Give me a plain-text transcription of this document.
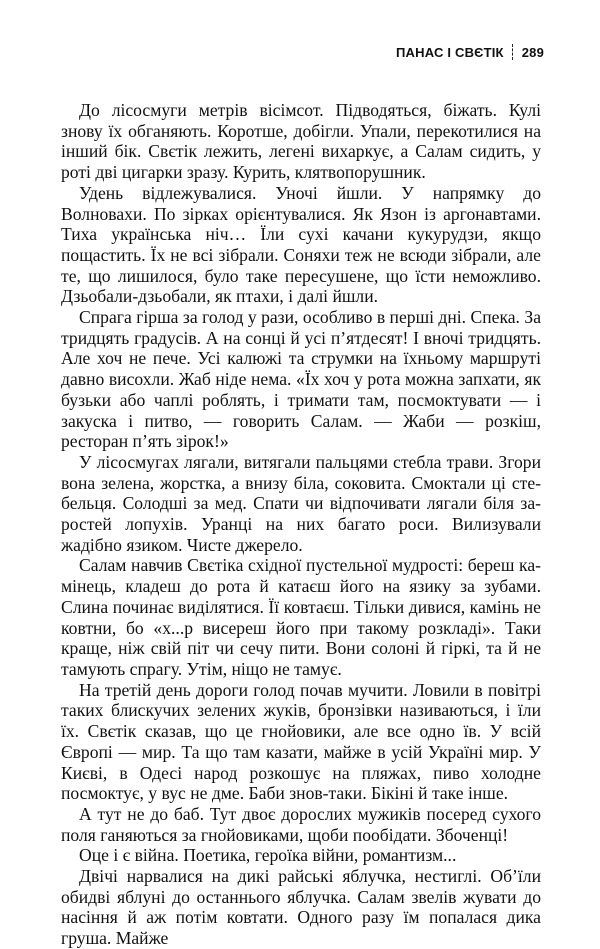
ПАНАС І СВЄТІК 289

До лісосмуги метрів вісімсот. Підводяться, біжать. Кулі знову їх обганяють. Коротше, добігли. Упали, перекотилися на інший бік. Свєтік лежить, легені вихаркує, а Салам сидить, у роті дві цигарки зразу. Курить, клятвопорушник.

Удень відлежувалися. Уночі йшли. У напрямку до Волновахи. По зірках орієнтувалися. Як Язон із аргонавтами. Тиха українська ніч… Їли сухі качани кукурудзи, якщо пощастить. Їх не всі зібрали. Соняхи теж не всюди зібрали, але те, що лишилося, було таке пересушене, що їсти неможливо. Дзьобали-дзьобали, як птахи, і далі йшли.

Спрага гірша за голод у рази, особливо в перші дні. Спека. За тридцять градусів. А на сонці й усі п’ятдесят! І вночі тридцять. Але хоч не пече. Усі калюжі та струмки на їхньому маршруті давно висохли. Жаб ніде нема. «Їх хоч у рота можна запхати, як бузьки або чаплі роблять, і тримати там, посмоктувати — і закуска і питво, — говорить Салам. — Жаби — розкіш, ресторан п’ять зірок!»

У лісосмугах лягали, витягали пальцями стебла трави. Згори вона зелена, жорстка, а внизу біла, соковита. Смоктали ці стебельця. Солодші за мед. Спати чи відпочивати лягали біля заростей лопухів. Уранці на них багато роси. Вилизували жадібно язиком. Чисте джерело.

Салам навчив Свєтіка східної пустельної мудрості: береш камінець, кладеш до рота й катаєш його на язику за зубами. Слина починає виділятися. Її ковтаєш. Тільки дивися, камінь не ковтни, бо «х...р висереш його при такому розкладі». Таки краще, ніж свій піт чи сечу пити. Вони солоні й гіркі, та й не тамують спрагу. Утім, ніщо не тамує.

На третій день дороги голод почав мучити. Ловили в повітрі таких блискучих зелених жуків, бронзівки називаються, і їли їх. Свєтік сказав, що це гнойовики, але все одно їв. У всій Європі — мир. Та що там казати, майже в усій Україні мир. У Києві, в Одесі народ розкошує на пляжах, пиво холодне посмоктує, у вус не дме. Баби знов-таки. Бікіні й таке інше.

А тут не до баб. Тут двоє дорослих мужиків посеред сухого поля ганяються за гнойовиками, щоби пообідати. Збоченці!

Оце і є війна. Поетика, героїка війни, романтизм...

Двічі нарвалися на дикі райські яблучка, нестиглі. Об’їли обидві яблуні до останнього яблучка. Салам звелів жувати до насіння й аж потім ковтати. Одного разу їм попалася дика груша. Майже
